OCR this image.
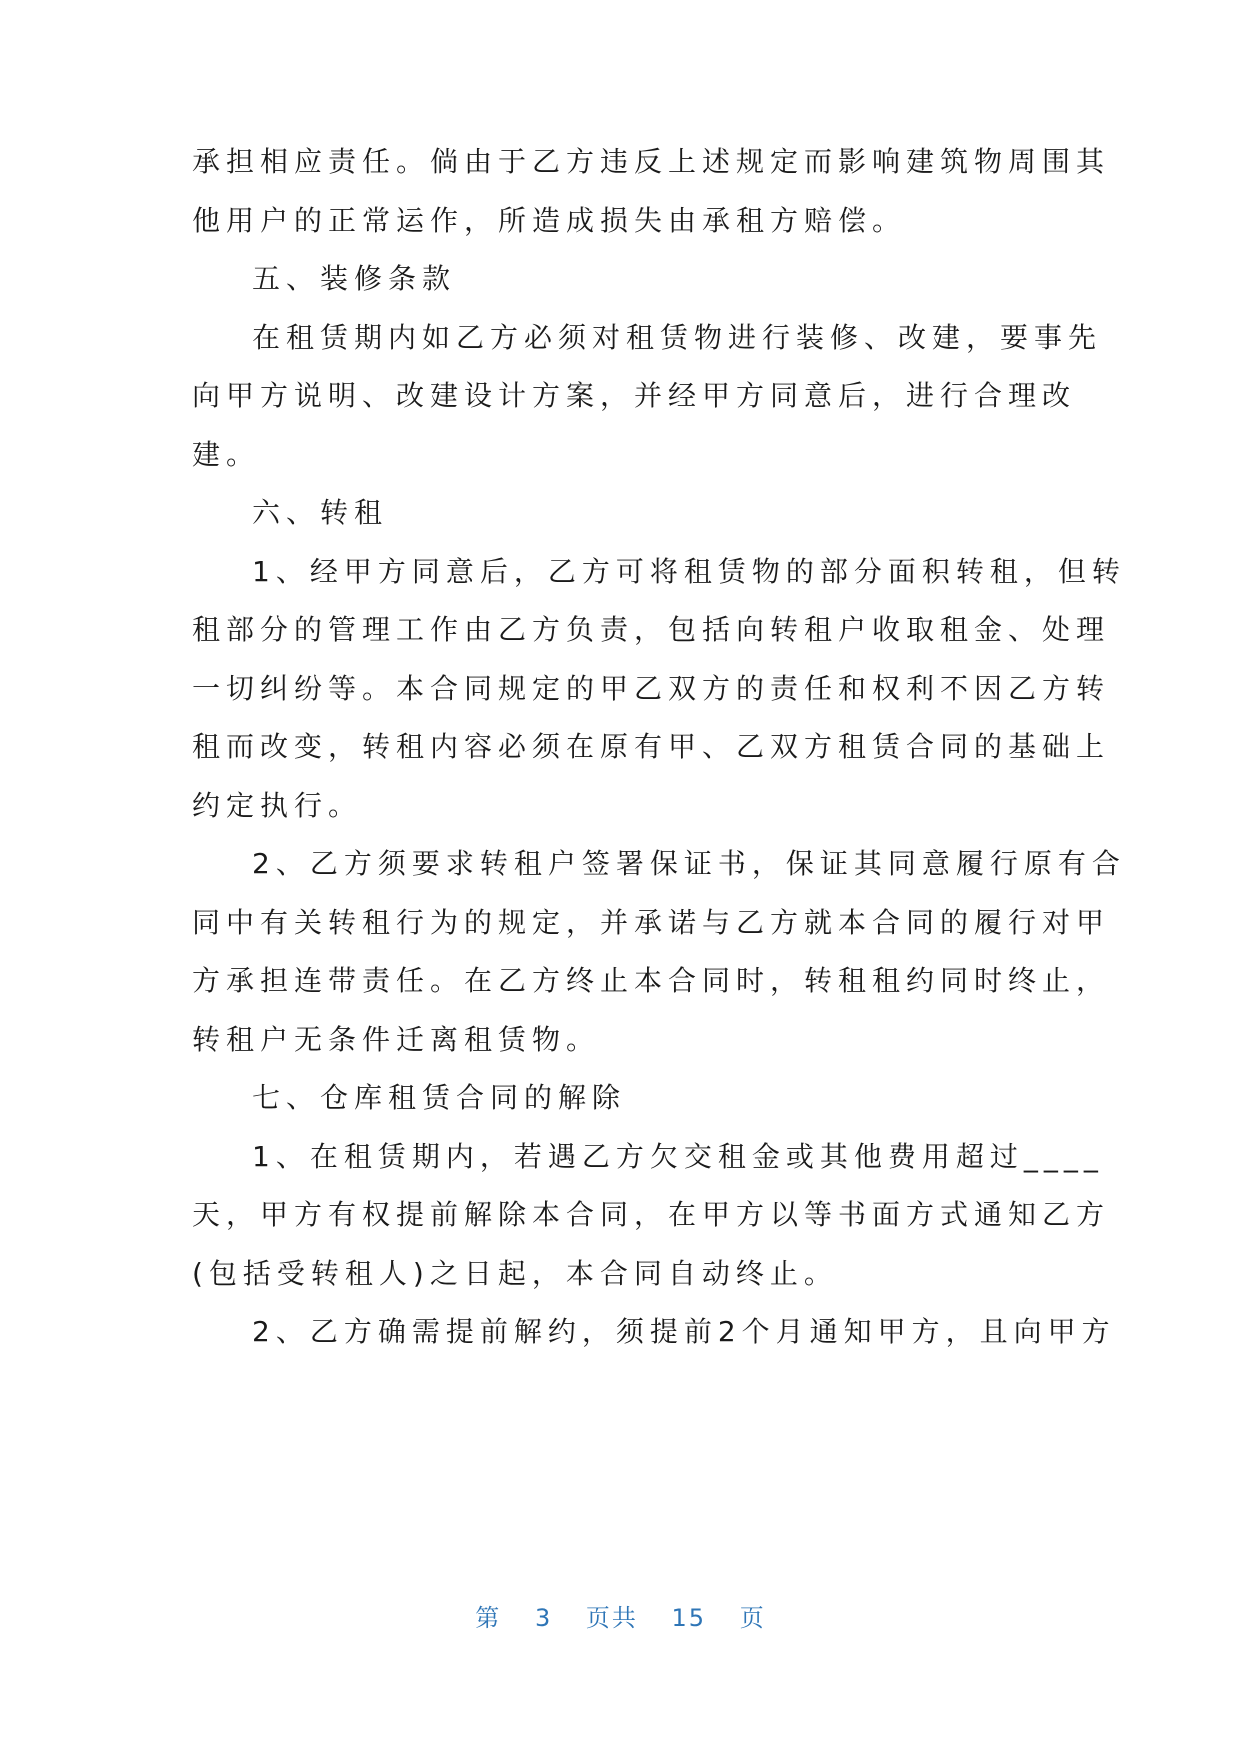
承担相应责任。倘由于乙方违反上述规定而影响建筑物周围其
他用户的正常运作，所造成损失由承租方赔偿。
五、装修条款
在租赁期内如乙方必须对租赁物进行装修、改建，要事先
向甲方说明、改建设计方案，并经甲方同意后，进行合理改
建。
六、转租
1、经甲方同意后，乙方可将租赁物的部分面积转租，但转
租部分的管理工作由乙方负责，包括向转租户收取租金、处理
一切纠纷等。本合同规定的甲乙双方的责任和权利不因乙方转
租而改变，转租内容必须在原有甲、乙双方租赁合同的基础上
约定执行。
2、乙方须要求转租户签署保证书，保证其同意履行原有合
同中有关转租行为的规定，并承诺与乙方就本合同的履行对甲
方承担连带责任。在乙方终止本合同时，转租租约同时终止，
转租户无条件迁离租赁物。
七、仓库租赁合同的解除
1、在租赁期内，若遇乙方欠交租金或其他费用超过____
天，甲方有权提前解除本合同，在甲方以等书面方式通知乙方
(包括受转租人)之日起，本合同自动终止。
2、乙方确需提前解约，须提前2个月通知甲方，且向甲方
第 3 页共 15 页
